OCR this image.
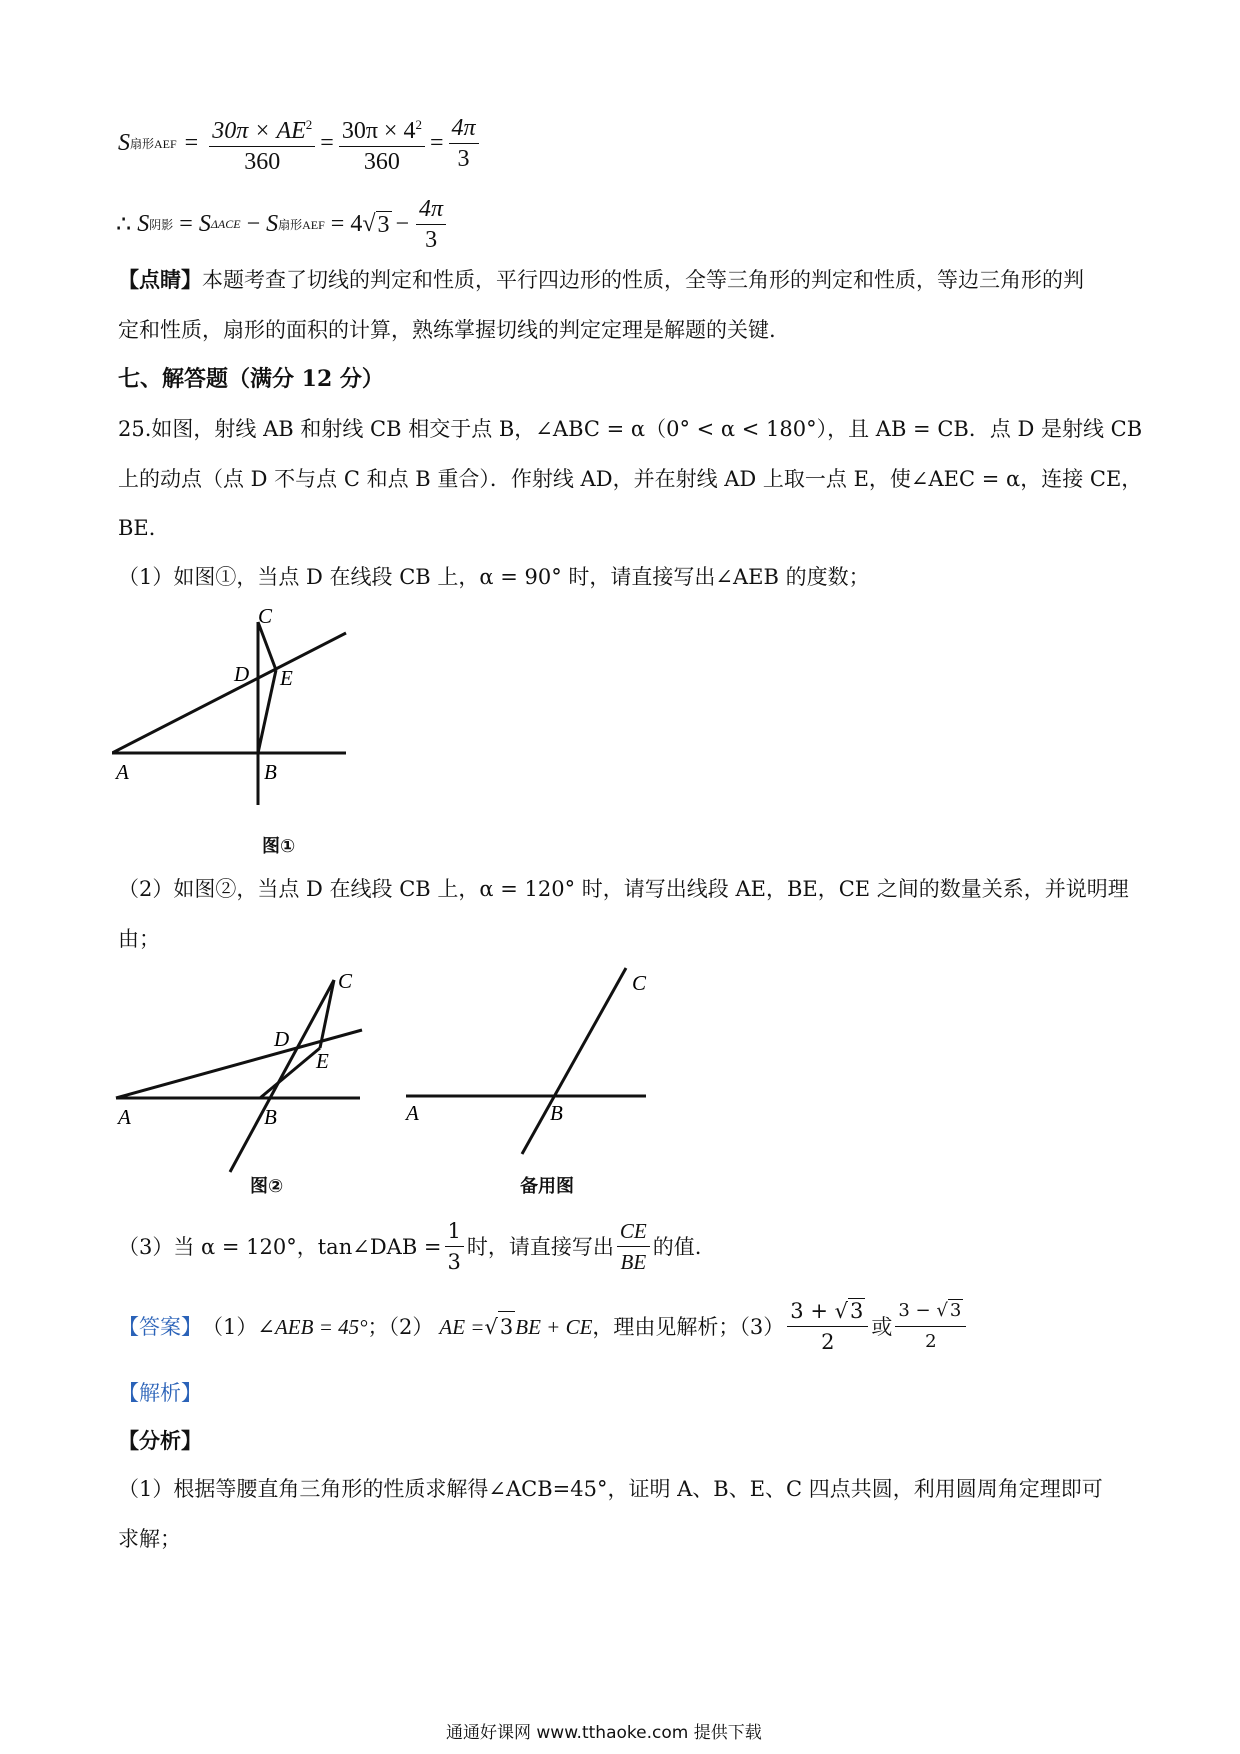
S 扇形AEF = $\frac{30\pi \times AE^2}{360} = \frac{30\pi \times 4^2}{360} = \frac{4\pi}{3}$
∴ S 阴影 = S ΔACE − S 扇形AEF = 4 √ $3 - \frac{4\pi}{3}$
【点睛】本题考查了切线的判定和性质，平行四边形的性质，全等三角形的判定和性质，等边三角形的判
定和性质，扇形的面积的计算，熟练掌握切线的判定定理是解题的关键.
七、解答题（满分 12 分）
25.如图，射线 AB 和射线 CB 相交于点 B，∠ABC = α（0° < α < 180°），且 AB = CB．点 D 是射线 CB
上的动点（点 D 不与点 C 和点 B 重合）．作射线 AD，并在射线 AD 上取一点 E，使∠AEC = α，连接 CE，
BE．
（1）如图①，当点 D 在线段 CB 上，α = 90° 时，请直接写出∠AEB 的度数；
C
D E
A	B
图①
（2）如图②，当点 D 在线段 CB 上，α = 120° 时，请写出线段 AE，BE，CE 之间的数量关系，并说明理
由；
C
D
E
A	B
图②
C
A	B
备用图
（3）当 α = 120°，tan∠DAB = $\frac{1}{3}$ 时，请直接写出 $\frac{CE}{BE}$ 的值.
【答案】 （1） ∠AEB = 45° ；（2） AE = √ 3 BE + CE ，理由见解析；$(3) \frac{3 + √3}{2}$ 或 $\frac{3 - √ 3}{2}$
【解析】
【分析】
（1）根据等腰直角三角形的性质求解得∠ACB=45°，证明 A、B、E、C 四点共圆，利用圆周角定理即可
求解；
通通好课网 www.tthaoke.com 提供下载
